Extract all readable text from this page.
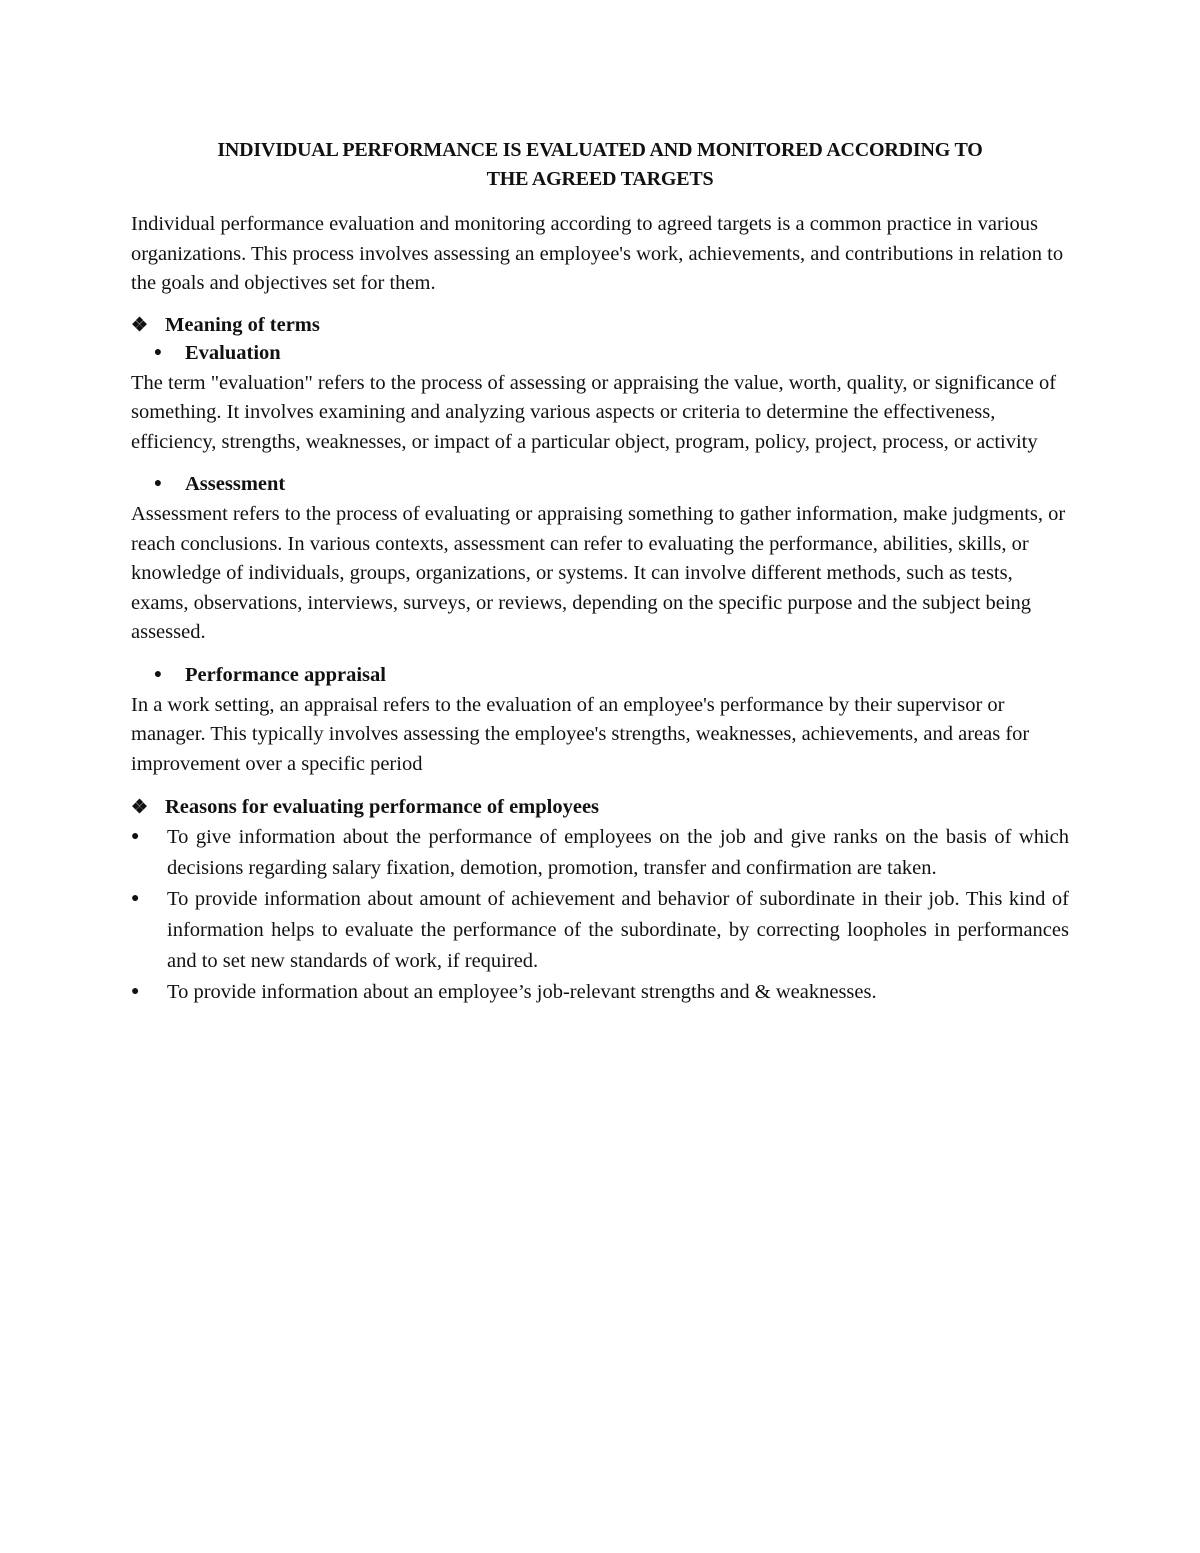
INDIVIDUAL PERFORMANCE IS EVALUATED AND MONITORED ACCORDING TO
THE AGREED TARGETS

Individual performance evaluation and monitoring according to agreed targets is a common practice in various organizations. This process involves assessing an employee's work, achievements, and contributions in relation to the goals and objectives set for them.

❖ Meaning of terms
●	Evaluation

The term "evaluation" refers to the process of assessing or appraising the value, worth, quality, or significance of something. It involves examining and analyzing various aspects or criteria to determine the effectiveness, efficiency, strengths, weaknesses, or impact of a particular object, program, policy, project, process, or activity

●	Assessment

Assessment refers to the process of evaluating or appraising something to gather information, make judgments, or reach conclusions. In various contexts, assessment can refer to evaluating the performance, abilities, skills, or knowledge of individuals, groups, organizations, or systems. It can involve different methods, such as tests, exams, observations, interviews, surveys, or reviews, depending on the specific purpose and the subject being assessed.

●	Performance appraisal

In a work setting, an appraisal refers to the evaluation of an employee's performance by their supervisor or manager. This typically involves assessing the employee's strengths, weaknesses, achievements, and areas for improvement over a specific period

❖ Reasons for evaluating performance of employees
●	To give information about the performance of employees on the job and give ranks on the basis of which decisions regarding salary fixation, demotion, promotion, transfer and confirmation are taken.
●	To provide information about amount of achievement and behavior of subordinate in their job. This kind of information helps to evaluate the performance of the subordinate, by correcting loopholes in performances and to set new standards of work, if required.
●	To provide information about an employee’s job-relevant strengths and & weaknesses.
